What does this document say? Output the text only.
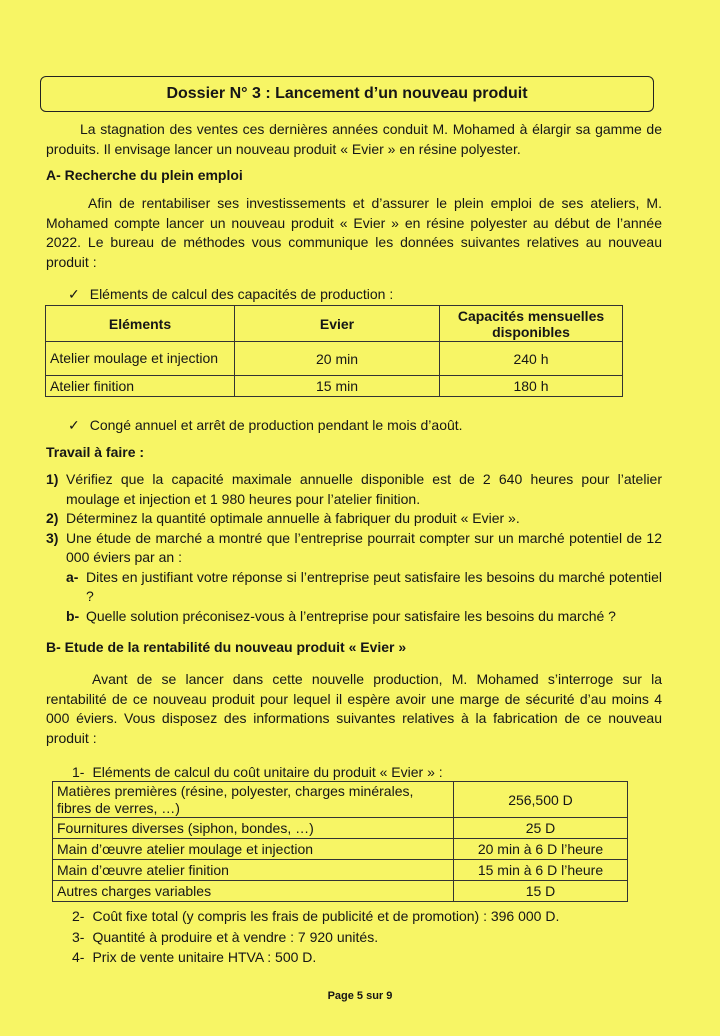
Dossier N° 3 : Lancement d’un nouveau produit
La stagnation des ventes ces dernières années conduit M. Mohamed à élargir sa gamme de produits. Il envisage lancer un nouveau produit « Evier » en résine polyester.
A- Recherche du plein emploi
Afin de rentabiliser ses investissements et d’assurer le plein emploi de ses ateliers, M. Mohamed compte lancer un nouveau produit « Evier » en résine polyester au début de l’année 2022. Le bureau de méthodes vous communique les données suivantes relatives au nouveau produit :
✓ Eléments de calcul des capacités de production :
Eléments	Evier	Capacités mensuelles disponibles
Atelier moulage et injection	20 min	240 h
Atelier finition	15 min	180 h
✓ Congé annuel et arrêt de production pendant le mois d’août.
Travail à faire :
1) Vérifiez que la capacité maximale annuelle disponible est de 2 640 heures pour l’atelier moulage et injection et 1 980 heures pour l’atelier finition.
2) Déterminez la quantité optimale annuelle à fabriquer du produit « Evier ».
3) Une étude de marché a montré que l’entreprise pourrait compter sur un marché potentiel de 12 000 éviers par an :
a- Dites en justifiant votre réponse si l’entreprise peut satisfaire les besoins du marché potentiel ?
b- Quelle solution préconisez-vous à l’entreprise pour satisfaire les besoins du marché ?
B- Etude de la rentabilité du nouveau produit « Evier »
Avant de se lancer dans cette nouvelle production, M. Mohamed s’interroge sur la rentabilité de ce nouveau produit pour lequel il espère avoir une marge de sécurité d’au moins 4 000 éviers. Vous disposez des informations suivantes relatives à la fabrication de ce nouveau produit :
1- Eléments de calcul du coût unitaire du produit « Evier » :
Matières premières (résine, polyester, charges minérales, fibres de verres, …)	256,500 D
Fournitures diverses (siphon, bondes, …)	25 D
Main d’œuvre atelier moulage et injection	20 min à 6 D l’heure
Main d’œuvre atelier finition	15 min à 6 D l’heure
Autres charges variables	15 D
2- Coût fixe total (y compris les frais de publicité et de promotion) : 396 000 D.
3- Quantité à produire et à vendre : 7 920 unités.
4- Prix de vente unitaire HTVA : 500 D.
Page 5 sur 9
